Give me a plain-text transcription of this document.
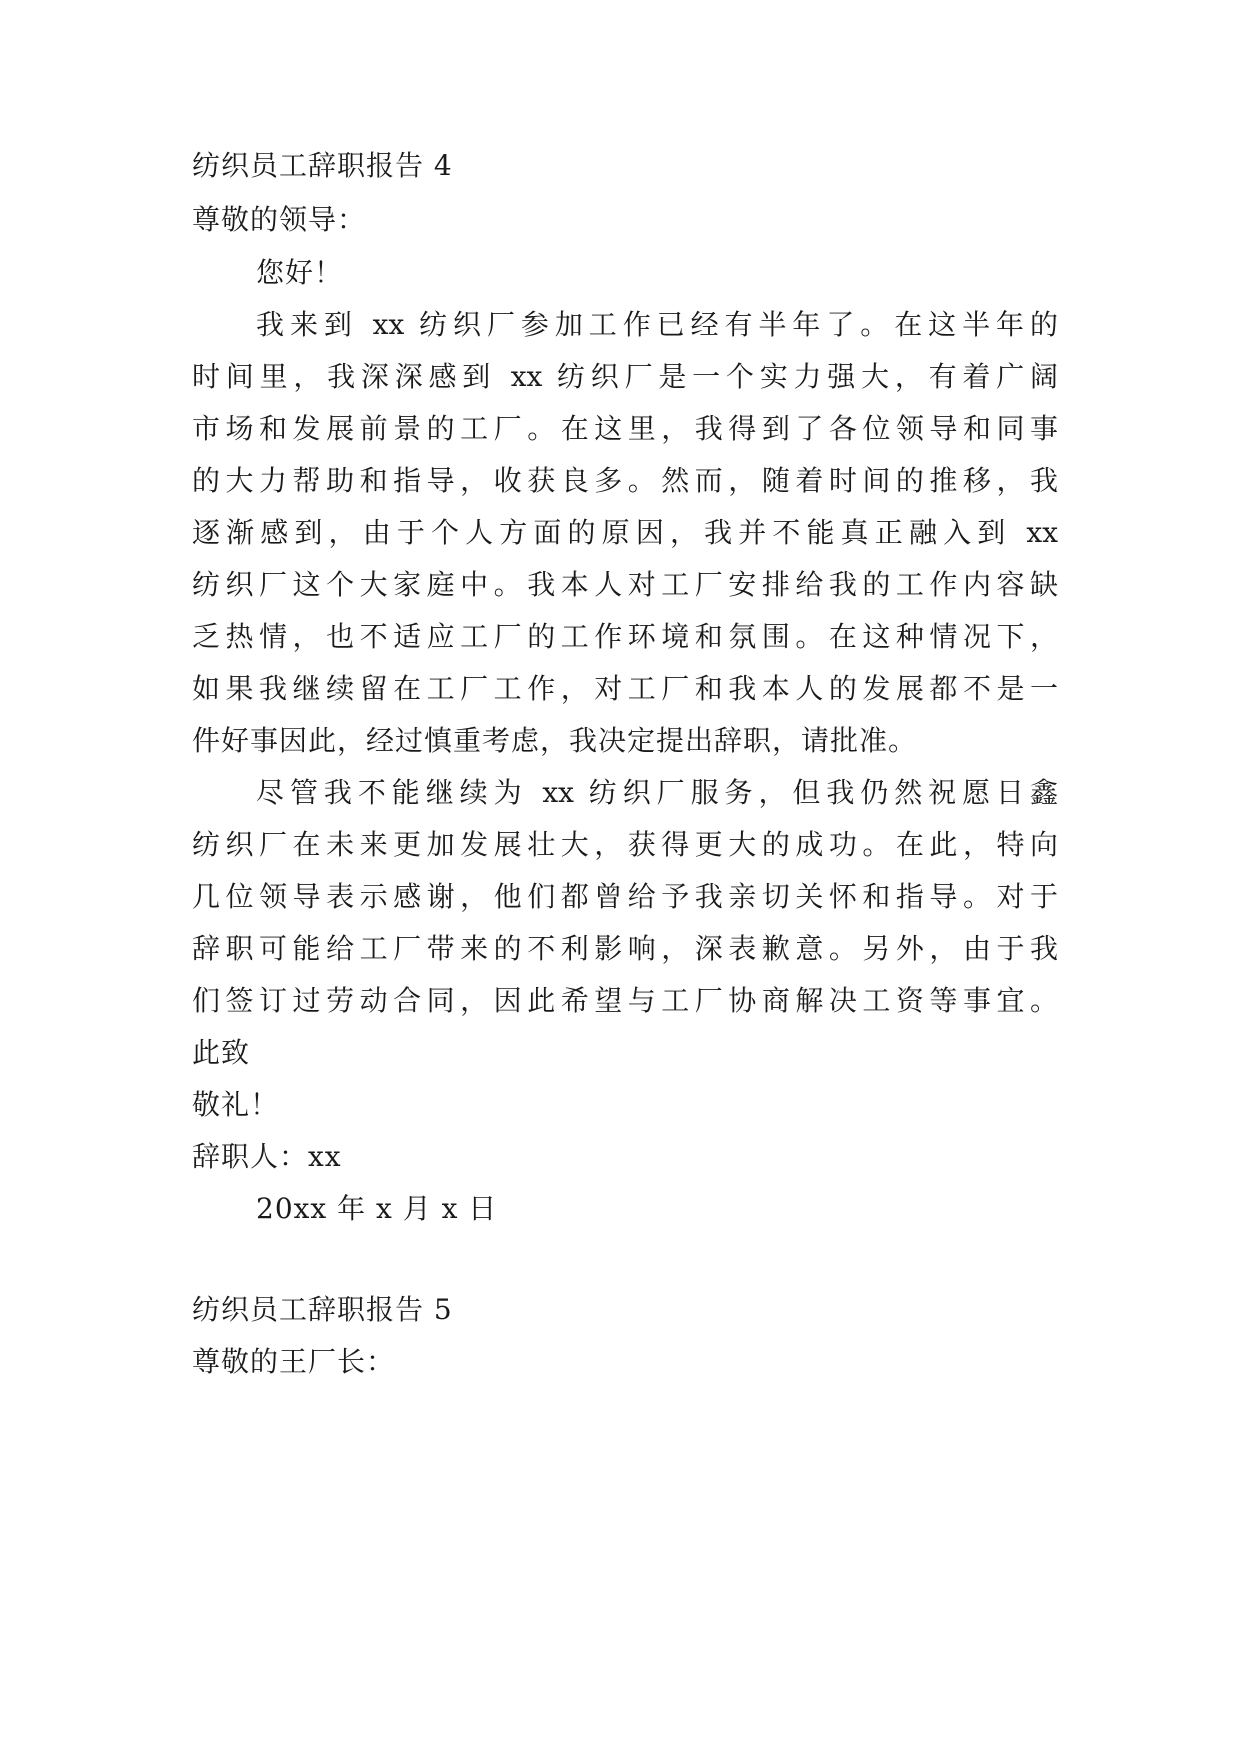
纺织员工辞职报告 4

尊敬的领导：

您好！

我来到 xx 纺织厂参加工作已经有半年了。在这半年的

时间里，我深深感到 xx 纺织厂是一个实力强大，有着广阔

市场和发展前景的工厂。在这里，我得到了各位领导和同事

的大力帮助和指导，收获良多。然而，随着时间的推移，我

逐渐感到，由于个人方面的原因，我并不能真正融入到 xx

纺织厂这个大家庭中。我本人对工厂安排给我的工作内容缺

乏热情，也不适应工厂的工作环境和氛围。在这种情况下，

如果我继续留在工厂工作，对工厂和我本人的发展都不是一

件好事因此，经过慎重考虑，我决定提出辞职，请批准。

尽管我不能继续为 xx 纺织厂服务，但我仍然祝愿日鑫

纺织厂在未来更加发展壮大，获得更大的成功。在此，特向

几位领导表示感谢，他们都曾给予我亲切关怀和指导。对于

辞职可能给工厂带来的不利影响，深表歉意。另外，由于我

们签订过劳动合同，因此希望与工厂协商解决工资等事宜。

此致

敬礼！

辞职人：xx

20xx 年 x 月 x 日

纺织员工辞职报告 5

尊敬的王厂长：
